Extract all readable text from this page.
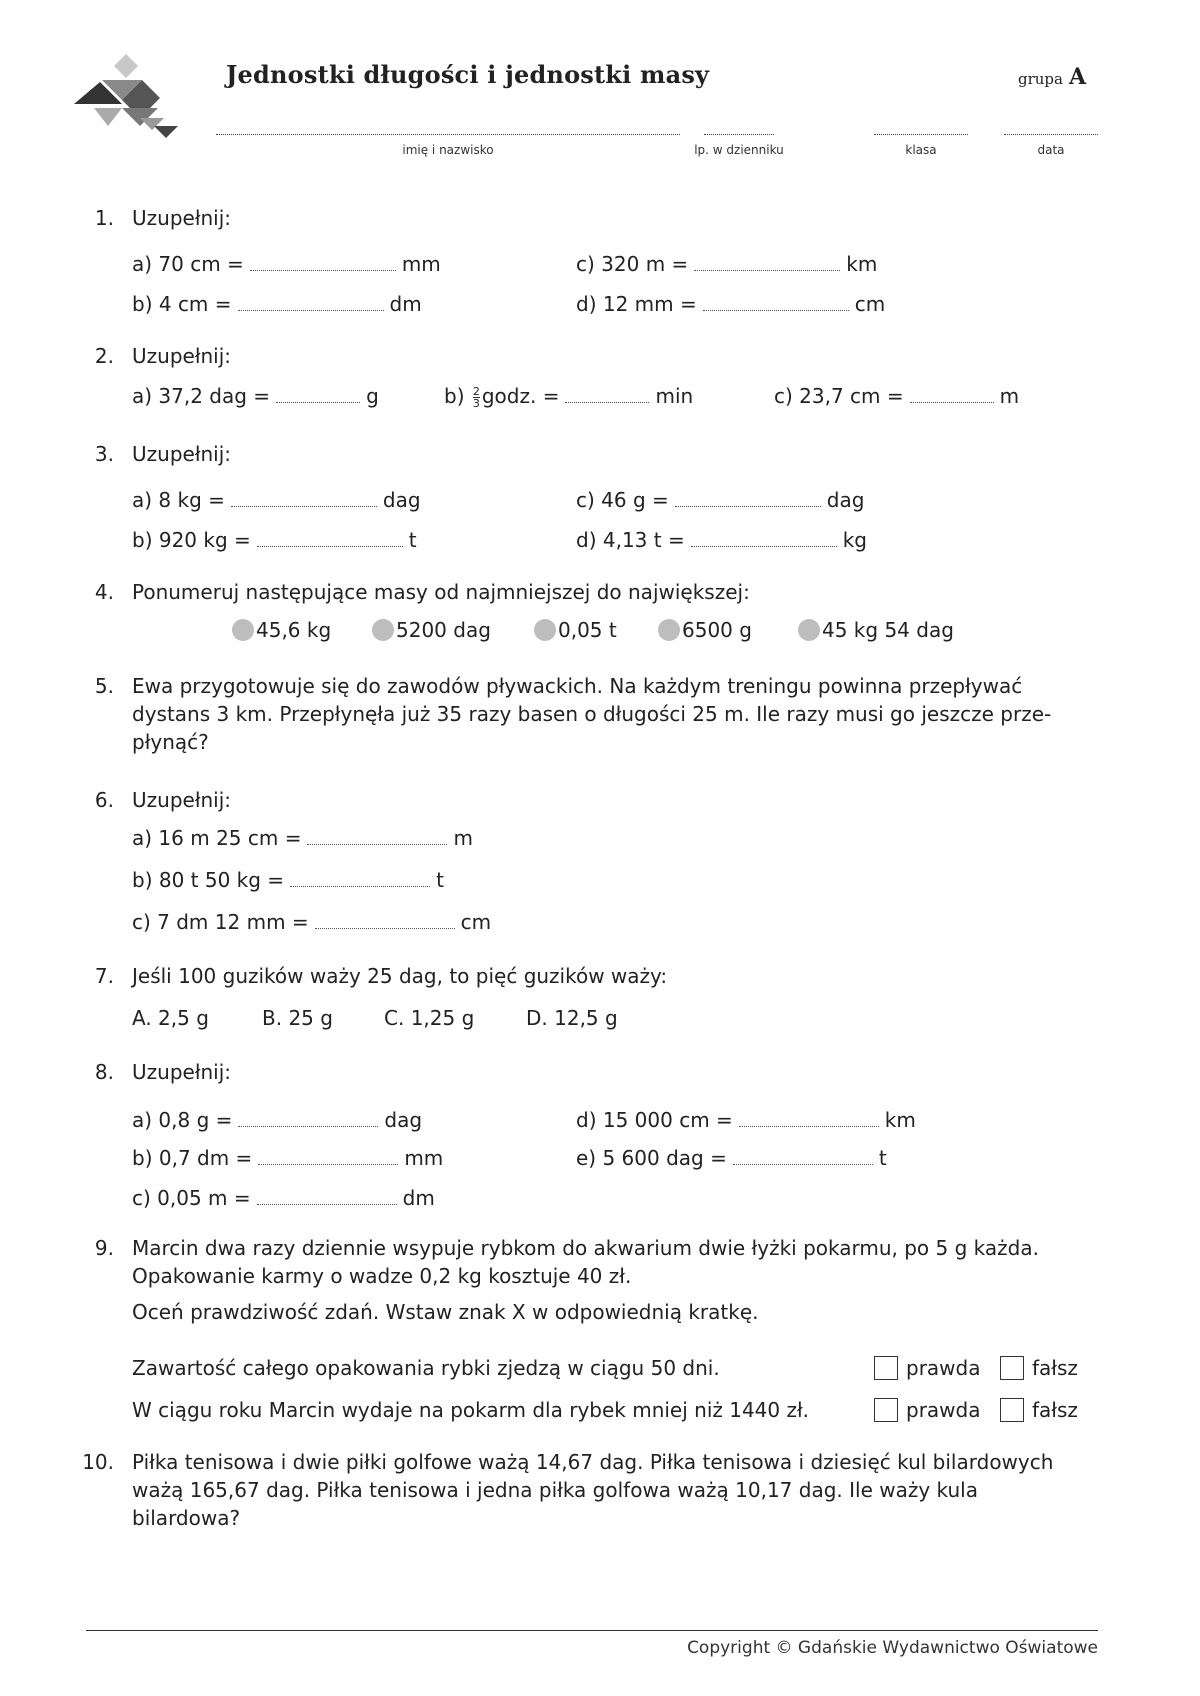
Jednostki długości i jednostki masy	grupa A
imię i nazwisko	lp. w dzienniku	klasa	data
1. Uzupełnij:
a) 70 cm =	mm
b) 4 cm =	dm
c) 320 m =	km
d) 12 mm =	cm
2. Uzupełnij:
a) 37,2 dag =	g	$b) \frac{2}{3}$ godz. =	min	c) 23,7 cm =	m
3. Uzupełnij:
a) 8 kg =	dag
b) 920 kg =	t
c) 46 g =	dag
d) 4,13 t =	kg
4. Ponumeruj następujące masy od najmniejszej do największej:
45,6 kg	5200 dag	0,05 t	6500 g	45 kg 54 dag
5. Ewa przygotowuje się do zawodów pływackich. Na każdym treningu powinna przepływać
dystans 3 km. Przepłynęła już 35 razy basen o długości 25 m. Ile razy musi go jeszcze prze-
płynąć?
6. Uzupełnij:
a) 16 m 25 cm =	m
b) 80 t 50 kg =	t
c) 7 dm 12 mm =	cm
7. Jeśli 100 guzików waży 25 dag, to pięć guzików waży:
A. 2,5 g	B. 25 g	C. 1,25 g	D. 12,5 g
8. Uzupełnij:
a) 0,8 g =	dag
b) 0,7 dm =	mm
c) 0,05 m =	dm
d) 15 000 cm =	km
e) 5 600 dag =	t
9. Marcin dwa razy dziennie wsypuje rybkom do akwarium dwie łyżki pokarmu, po 5 g każda.
Opakowanie karmy o wadze 0,2 kg kosztuje 40 zł.
Oceń prawdziwość zdań. Wstaw znak X w odpowiednią kratkę.
Zawartość całego opakowania rybki zjedzą w ciągu 50 dni.	prawda	fałsz
W ciągu roku Marcin wydaje na pokarm dla rybek mniej niż 1440 zł.	prawda	fałsz
10. Piłka tenisowa i dwie piłki golfowe ważą 14,67 dag. Piłka tenisowa i dziesięć kul bilardowych
ważą 165,67 dag. Piłka tenisowa i jedna piłka golfowa ważą 10,17 dag. Ile waży kula bilardowa?
Copyright © Gdańskie Wydawnictwo Oświatowe
